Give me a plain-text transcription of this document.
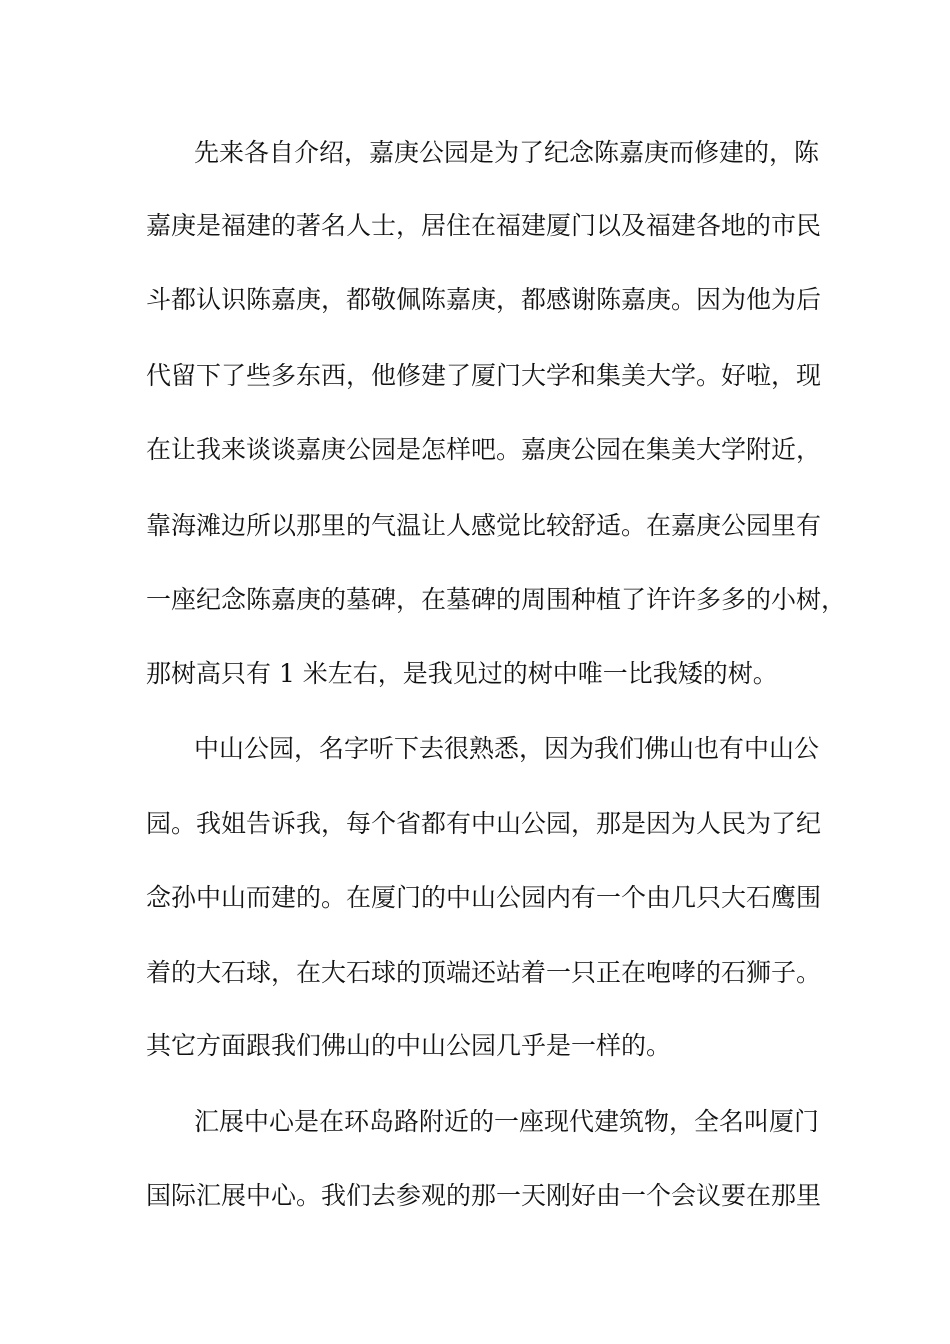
先来各自介绍，嘉庚公园是为了纪念陈嘉庚而修建的，陈

嘉庚是福建的著名人士，居住在福建厦门以及福建各地的市民

斗都认识陈嘉庚，都敬佩陈嘉庚，都感谢陈嘉庚。因为他为后

代留下了些多东西，他修建了厦门大学和集美大学。好啦，现

在让我来谈谈嘉庚公园是怎样吧。嘉庚公园在集美大学附近，

靠海滩边所以那里的气温让人感觉比较舒适。在嘉庚公园里有

一座纪念陈嘉庚的墓碑，在墓碑的周围种植了许许多多的小树，

那树高只有 1 米左右，是我见过的树中唯一比我矮的树。

中山公园，名字听下去很熟悉，因为我们佛山也有中山公

园。我姐告诉我，每个省都有中山公园，那是因为人民为了纪

念孙中山而建的。在厦门的中山公园内有一个由几只大石鹰围

着的大石球，在大石球的顶端还站着一只正在咆哮的石狮子。

其它方面跟我们佛山的中山公园几乎是一样的。

汇展中心是在环岛路附近的一座现代建筑物，全名叫厦门

国际汇展中心。我们去参观的那一天刚好由一个会议要在那里
